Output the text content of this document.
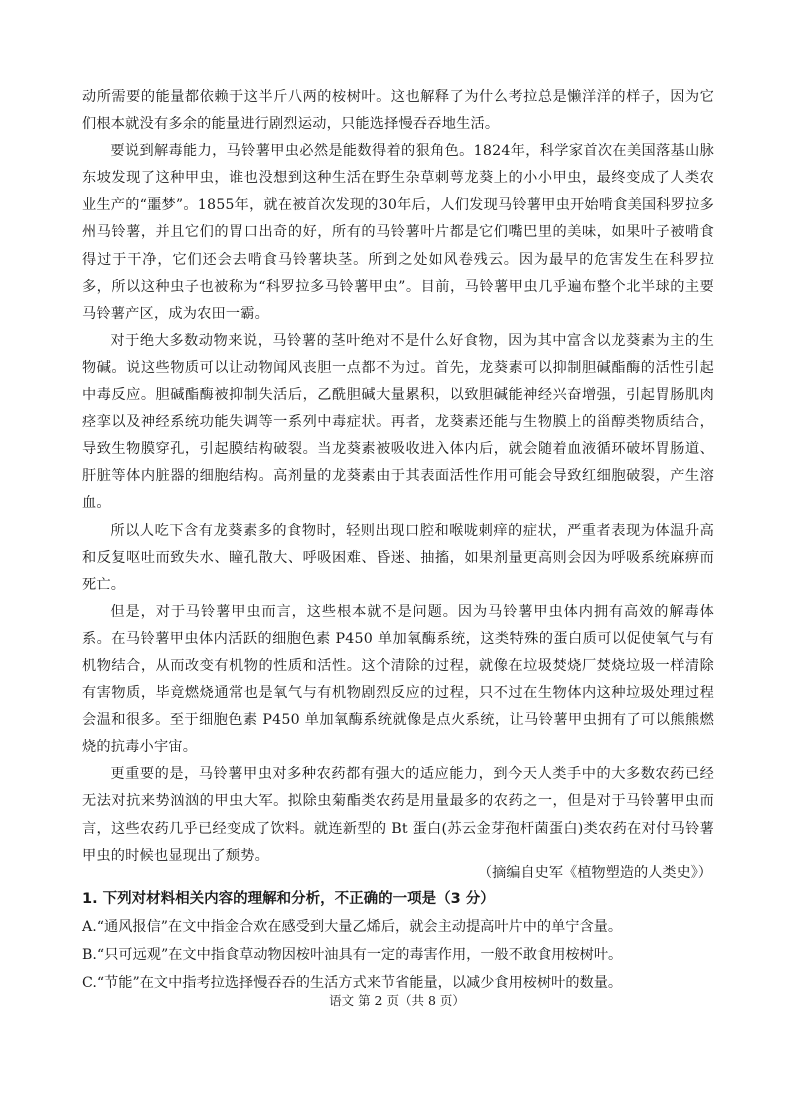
动所需要的能量都依赖于这半斤八两的桉树叶。这也解释了为什么考拉总是懒洋洋的样子，因为它们根本就没有多余的能量进行剧烈运动，只能选择慢吞吞地生活。

要说到解毒能力，马铃薯甲虫必然是能数得着的狠角色。1824年，科学家首次在美国落基山脉东坡发现了这种甲虫，谁也没想到这种生活在野生杂草刺萼龙葵上的小小甲虫，最终变成了人类农业生产的“噩梦”。1855年，就在被首次发现的30年后，人们发现马铃薯甲虫开始啃食美国科罗拉多州马铃薯，并且它们的胃口出奇的好，所有的马铃薯叶片都是它们嘴巴里的美味，如果叶子被啃食得过于干净，它们还会去啃食马铃薯块茎。所到之处如风卷残云。因为最早的危害发生在科罗拉多，所以这种虫子也被称为“科罗拉多马铃薯甲虫”。目前，马铃薯甲虫几乎遍布整个北半球的主要马铃薯产区，成为农田一霸。

对于绝大多数动物来说，马铃薯的茎叶绝对不是什么好食物，因为其中富含以龙葵素为主的生物碱。说这些物质可以让动物闻风丧胆一点都不为过。首先，龙葵素可以抑制胆碱酯酶的活性引起中毒反应。胆碱酯酶被抑制失活后，乙酰胆碱大量累积，以致胆碱能神经兴奋增强，引起胃肠肌肉痉挛以及神经系统功能失调等一系列中毒症状。再者，龙葵素还能与生物膜上的甾醇类物质结合，导致生物膜穿孔，引起膜结构破裂。当龙葵素被吸收进入体内后，就会随着血液循环破坏胃肠道、肝脏等体内脏器的细胞结构。高剂量的龙葵素由于其表面活性作用可能会导致红细胞破裂，产生溶血。

所以人吃下含有龙葵素多的食物时，轻则出现口腔和喉咙刺痒的症状，严重者表现为体温升高和反复呕吐而致失水、瞳孔散大、呼吸困难、昏迷、抽搐，如果剂量更高则会因为呼吸系统麻痹而死亡。

但是，对于马铃薯甲虫而言，这些根本就不是问题。因为马铃薯甲虫体内拥有高效的解毒体系。在马铃薯甲虫体内活跃的细胞色素 P450 单加氧酶系统，这类特殊的蛋白质可以促使氧气与有机物结合，从而改变有机物的性质和活性。这个清除的过程，就像在垃圾焚烧厂焚烧垃圾一样清除有害物质，毕竟燃烧通常也是氧气与有机物剧烈反应的过程，只不过在生物体内这种垃圾处理过程会温和很多。至于细胞色素 P450 单加氧酶系统就像是点火系统，让马铃薯甲虫拥有了可以熊熊燃烧的抗毒小宇宙。

更重要的是，马铃薯甲虫对多种农药都有强大的适应能力，到今天人类手中的大多数农药已经无法对抗来势汹汹的甲虫大军。拟除虫菊酯类农药是用量最多的农药之一，但是对于马铃薯甲虫而言，这些农药几乎已经变成了饮料。就连新型的 Bt 蛋白(苏云金芽孢杆菌蛋白)类农药在对付马铃薯甲虫的时候也显现出了颓势。

（摘编自史军《植物塑造的人类史》）
1. 下列对材料相关内容的理解和分析，不正确的一项是（3 分）
A.“通风报信”在文中指金合欢在感受到大量乙烯后，就会主动提高叶片中的单宁含量。
B.“只可远观”在文中指食草动物因桉叶油具有一定的毒害作用，一般不敢食用桉树叶。
C.“节能”在文中指考拉选择慢吞吞的生活方式来节省能量，以减少食用桉树叶的数量。
语文 第 2 页（共 8 页）
